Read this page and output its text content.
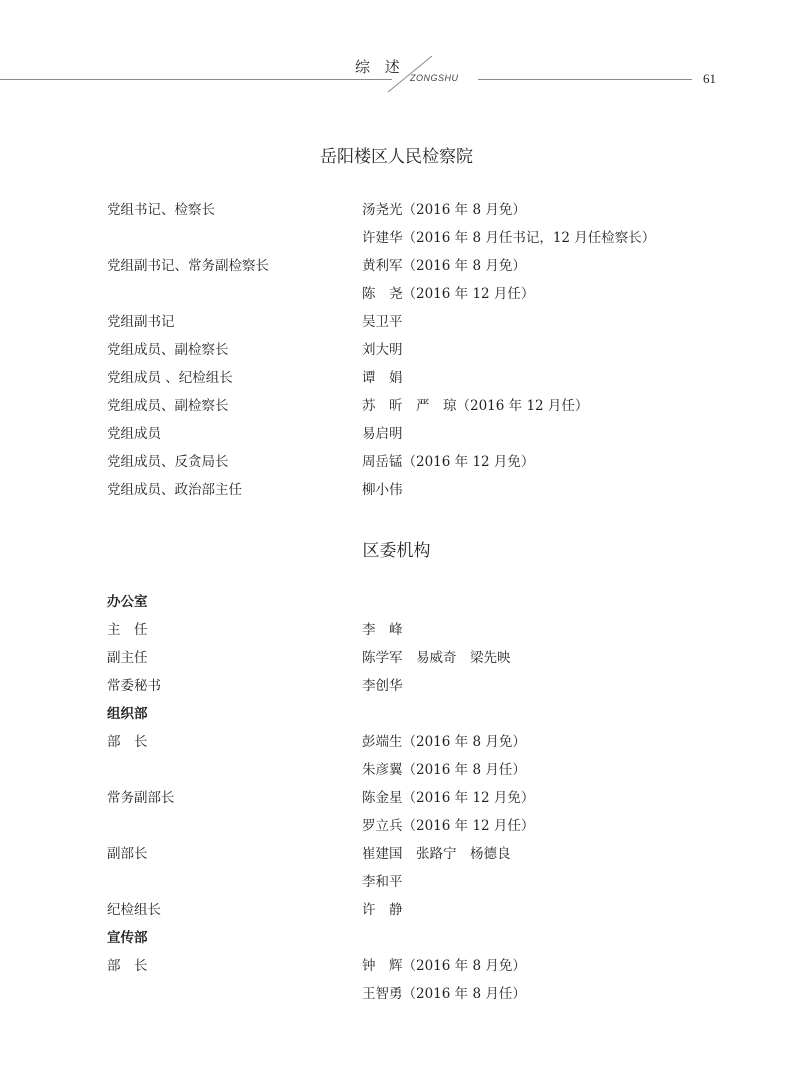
综 述
ZONGSHU	61
岳阳楼区人民检察院
党组书记、检察长	汤尧光（2016 年 8 月免）
许建华（2016 年 8 月任书记，12 月任检察长）
党组副书记、常务副检察长	黄利军（2016 年 8 月免）
陈　尧（2016 年 12 月任）
党组副书记	吴卫平
党组成员、副检察长	刘大明
党组成员 、纪检组长	谭　娟
党组成员、副检察长	苏　昕　严　琼（2016 年 12 月任）
党组成员	易启明
党组成员、反贪局长	周岳锰（2016 年 12 月免）
党组成员、政治部主任	柳小伟
区委机构
办公室
主　任	李　峰
副主任	陈学军　易威奇　梁先映
常委秘书	李创华
组织部
部　长	彭端生（2016 年 8 月免）
朱彦翼（2016 年 8 月任）
常务副部长	陈金星（2016 年 12 月免）
罗立兵（2016 年 12 月任）
副部长	崔建国　张路宁　杨德良
李和平
纪检组长	许　静
宣传部
部　长	钟　辉（2016 年 8 月免）
王智勇（2016 年 8 月任）
